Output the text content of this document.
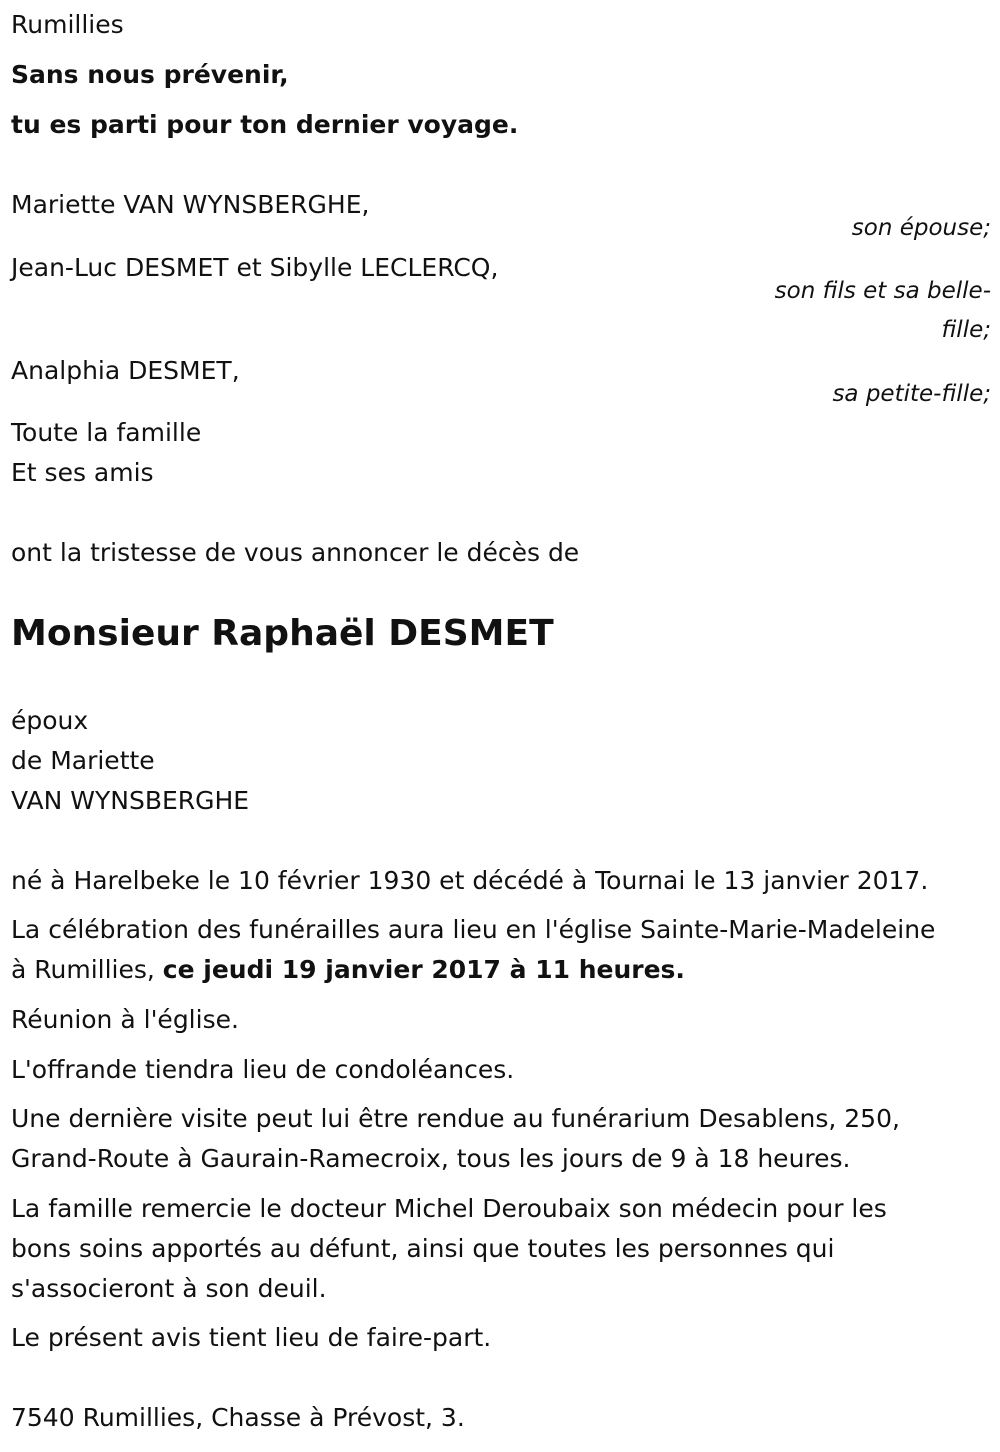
Rumillies
Sans nous prévenir,
tu es parti pour ton dernier voyage.
Mariette VAN WYNSBERGHE,
son épouse;
Jean-Luc DESMET et Sibylle LECLERCQ,
son fils et sa belle-
fille;
Analphia DESMET,
sa petite-fille;
Toute la famille
Et ses amis
ont la tristesse de vous annoncer le décès de
Monsieur Raphaël DESMET
époux
de Mariette
VAN WYNSBERGHE
né à Harelbeke le 10 février 1930 et décédé à Tournai le 13 janvier 2017.
La célébration des funérailles aura lieu en l'église Sainte-Marie-Madeleine
à Rumillies, ce jeudi 19 janvier 2017 à 11 heures.
Réunion à l'église.
L'offrande tiendra lieu de condoléances.
Une dernière visite peut lui être rendue au funérarium Desablens, 250,
Grand-Route à Gaurain-Ramecroix, tous les jours de 9 à 18 heures.
La famille remercie le docteur Michel Deroubaix son médecin pour les
bons soins apportés au défunt, ainsi que toutes les personnes qui
s'associeront à son deuil.
Le présent avis tient lieu de faire-part.
7540 Rumillies, Chasse à Prévost, 3.
